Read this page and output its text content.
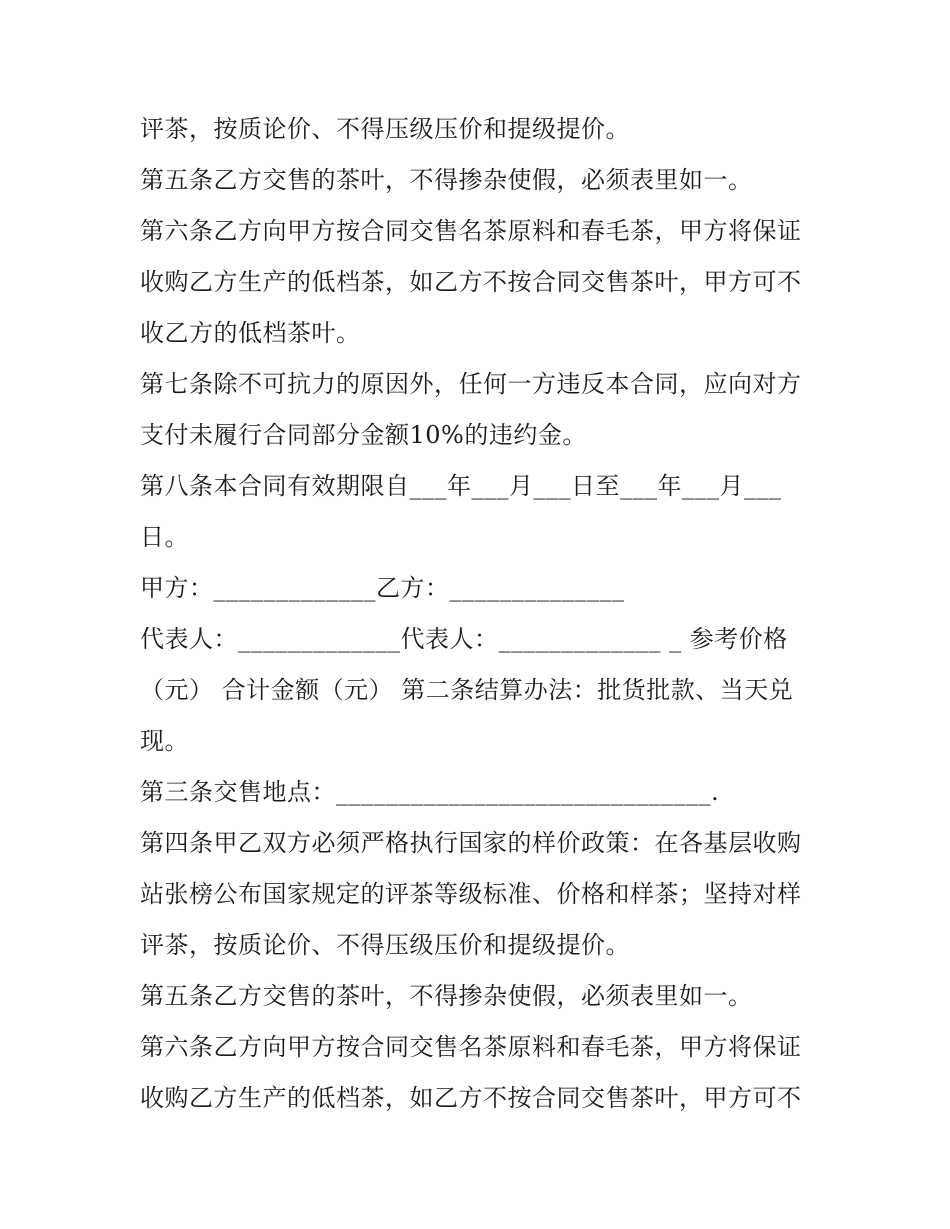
评茶，按质论价、不得压级压价和提级提价。

第五条乙方交售的茶叶，不得掺杂使假，必须表里如一。

第六条乙方向甲方按合同交售名茶原料和春毛茶，甲方将保证

收购乙方生产的低档茶，如乙方不按合同交售茶叶，甲方可不

收乙方的低档茶叶。

第七条除不可抗力的原因外，任何一方违反本合同，应向对方

支付未履行合同部分金额10%的违约金。

第八条本合同有效期限自___年___月___日至___年___月___

日。

甲方：_____________乙方：______________

代表人：_____________代表人：_____________ _ 参考价格

（元） 合计金额（元） 第二条结算办法：批货批款、当天兑

现。

第三条交售地点：______________________________.

第四条甲乙双方必须严格执行国家的样价政策：在各基层收购

站张榜公布国家规定的评茶等级标准、价格和样茶；坚持对样

评茶，按质论价、不得压级压价和提级提价。

第五条乙方交售的茶叶，不得掺杂使假，必须表里如一。

第六条乙方向甲方按合同交售名茶原料和春毛茶，甲方将保证

收购乙方生产的低档茶，如乙方不按合同交售茶叶，甲方可不
